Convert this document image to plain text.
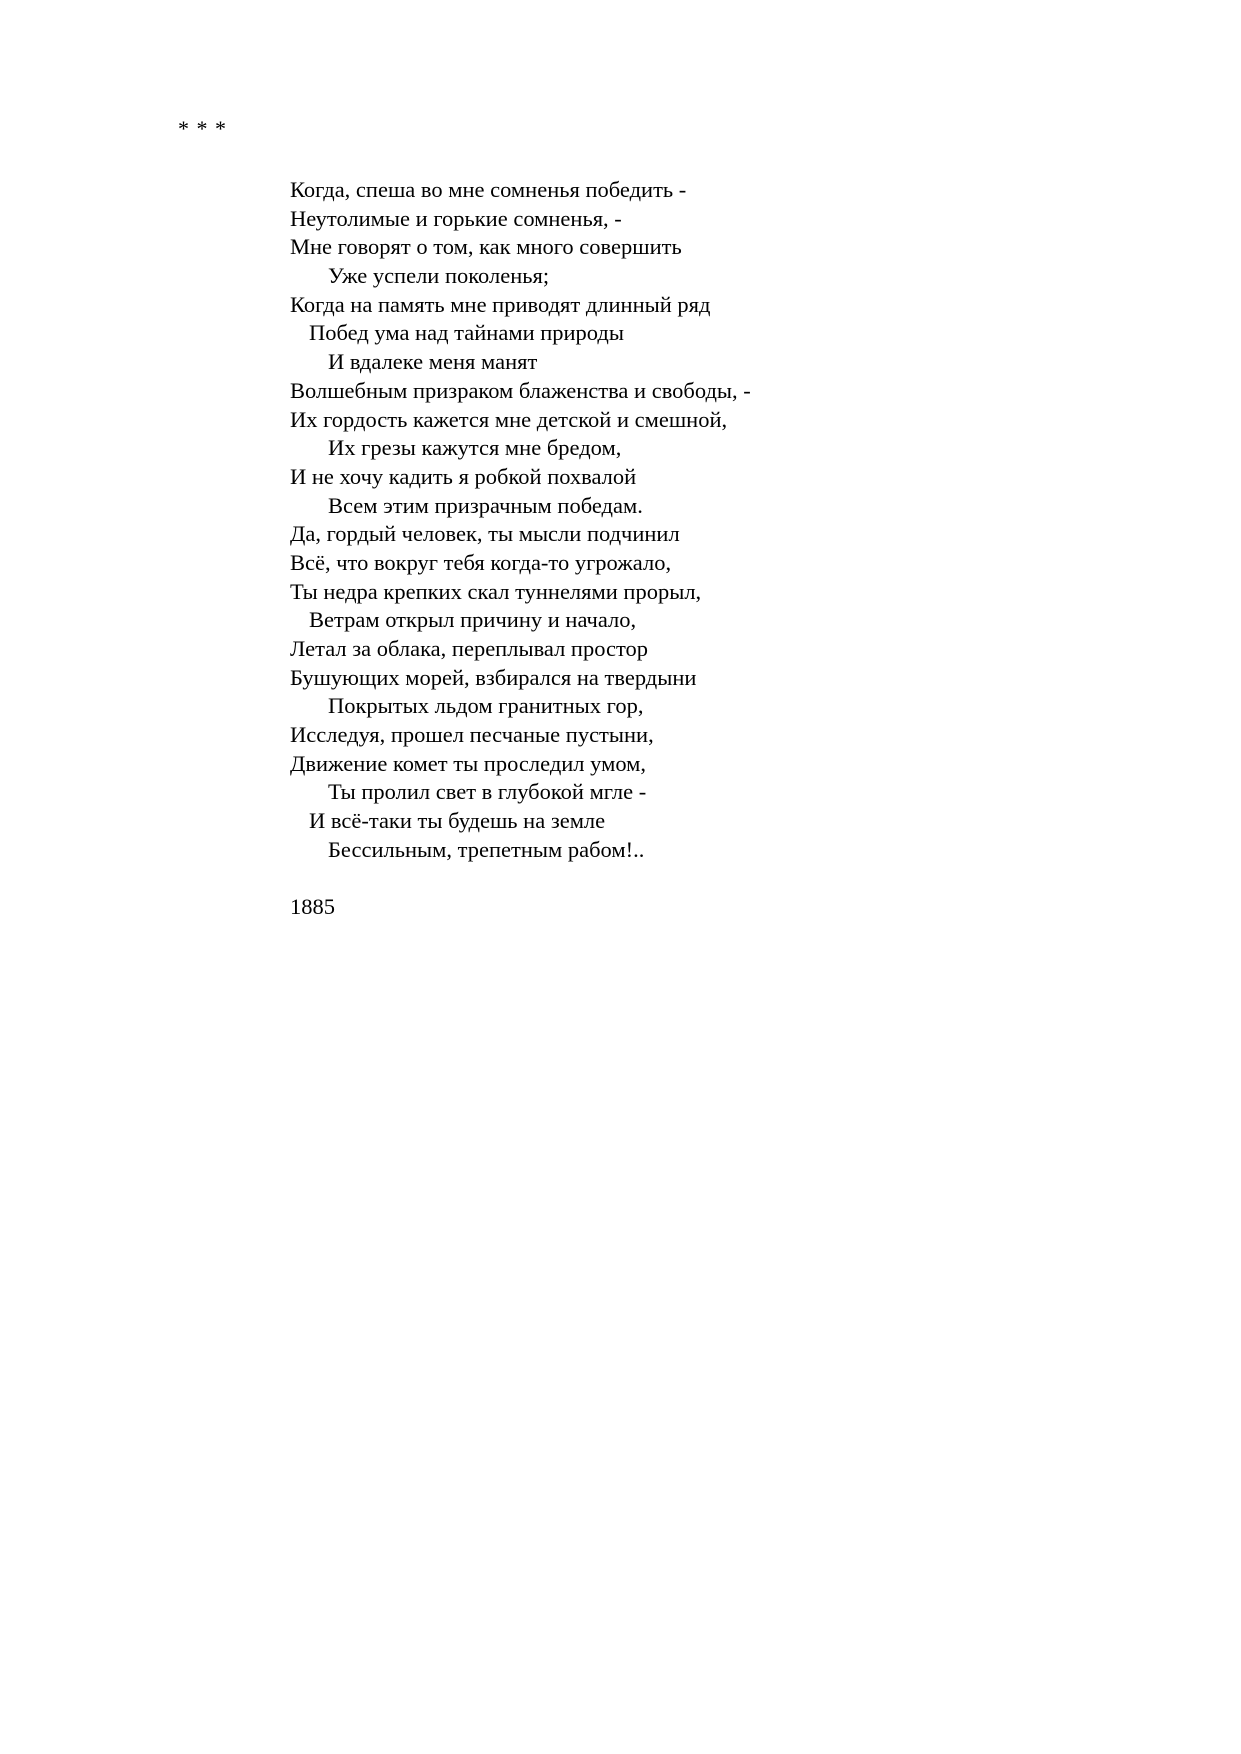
* * *

Когда, спеша во мне сомненья победить -
Неутолимые и горькие сомненья, -
Мне говорят о том, как много совершить
Уже успели поколенья;
Когда на память мне приводят длинный ряд
Побед ума над тайнами природы
И вдалеке меня манят
Волшебным призраком блаженства и свободы, -
Их гордость кажется мне детской и смешной,
Их грезы кажутся мне бредом,
И не хочу кадить я робкой похвалой
Всем этим призрачным победам.
Да, гордый человек, ты мысли подчинил
Всё, что вокруг тебя когда-то угрожало,
Ты недра крепких скал туннелями прорыл,
Ветрам открыл причину и начало,
Летал за облака, переплывал простор
Бушующих морей, взбирался на твердыни
Покрытых льдом гранитных гор,
Исследуя, прошел песчаные пустыни,
Движение комет ты проследил умом,
Ты пролил свет в глубокой мгле -
И всё-таки ты будешь на земле
Бессильным, трепетным рабом!..

1885
